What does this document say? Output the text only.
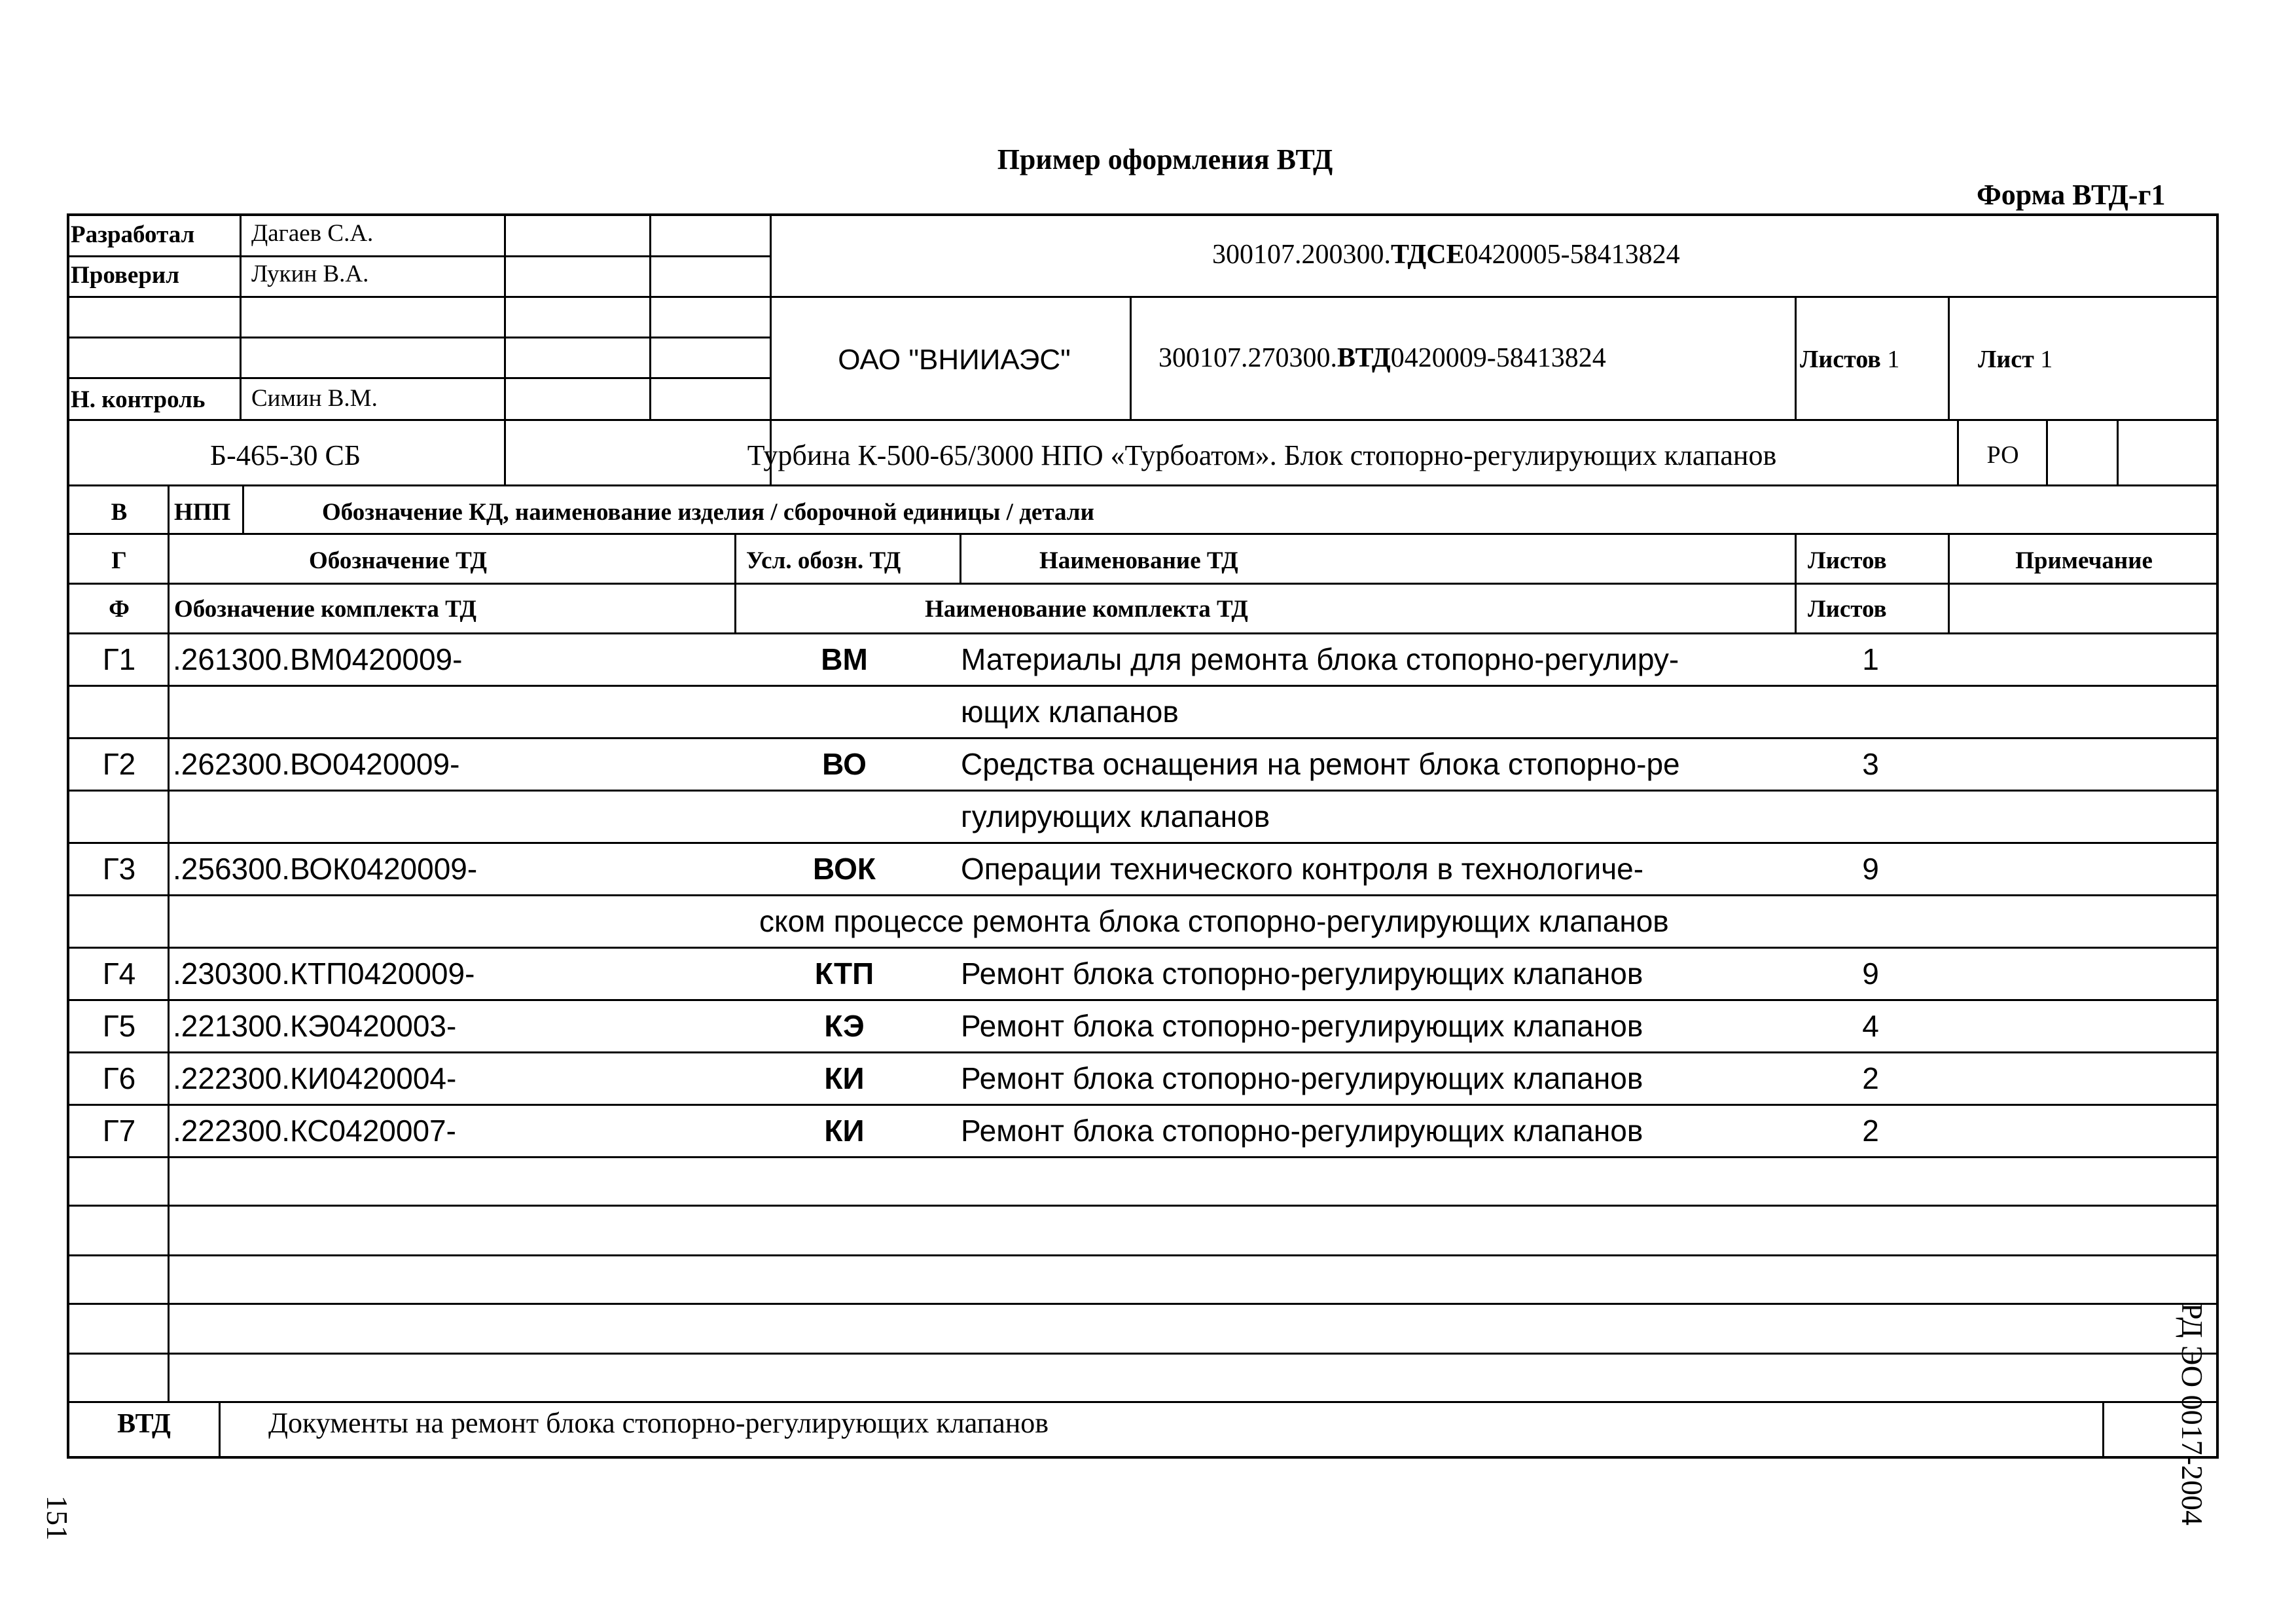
Пример оформления ВТД
Форма ВТД-г1
Разработал Дагаев С.А.
Проверил	Лукин В.А.
Н. контроль Симин В.М.
300107.200300.ТДСЕ0420005-58413824
ОАО "ВНИИАЭС"	300107.270300.ВТД0420009-58413824	Листов 1	Лист 1
Б-465-30 СБ	Турбина К-500-65/3000 НПО «Турбоатом». Блок стопорно-регулирующих клапанов	РО
В НПП	Обозначение КД, наименование изделия / сборочной единицы / детали
Г	Обозначение ТД	Усл. обозн. ТД	Наименование ТД	Листов	Примечание
Ф Обозначение комплекта ТД	Наименование комплекта ТД	Листов
Г1 .261300.ВМ0420009-	ВМ	Материалы для ремонта блока стопорно-регулиру-	1
ющих клапанов
Г2 .262300.ВО0420009-	ВО	Средства оснащения на ремонт блока стопорно-ре	3
гулирующих клапанов
Г3 .256300.ВОК0420009-	ВОК	Операции технического контроля в технологиче-	9
ском процессе ремонта блока стопорно-регулирующих клапанов
Г4 .230300.КТП0420009-	КТП	Ремонт блока стопорно-регулирующих клапанов	9
Г5 .221300.КЭ0420003-	КЭ	Ремонт блока стопорно-регулирующих клапанов	4
Г6 .222300.КИ0420004-	КИ	Ремонт блока стопорно-регулирующих клапанов	2
Г7 .222300.КС0420007-	КИ	Ремонт блока стопорно-регулирующих клапанов	2
ВТД	Документы на ремонт блока стопорно-регулирующих клапанов	РД ЭО 0017-2004
151
